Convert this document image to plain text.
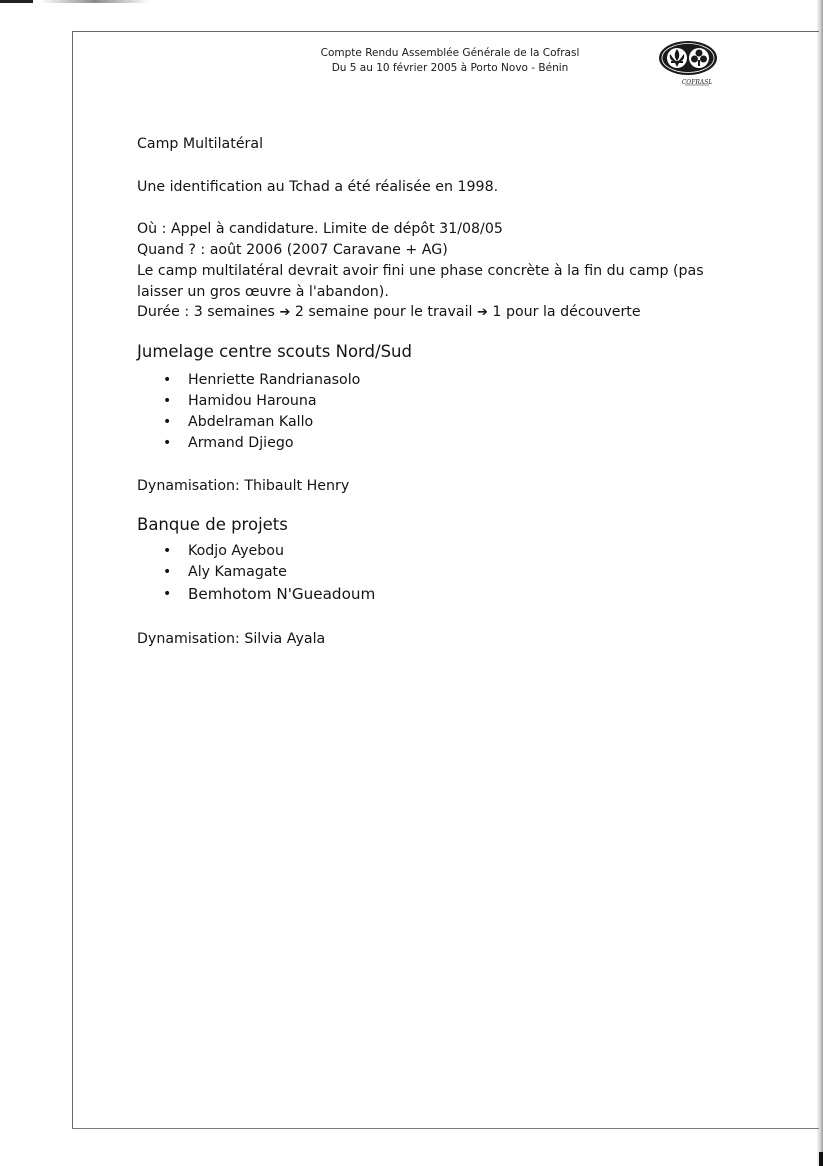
Compte Rendu Assemblée Générale de la Cofrasl
Du 5 au 10 février 2005 à Porto Novo - Bénin
COFRASL
Camp Multilatéral
Une identification au Tchad a été réalisée en 1998.
Où : Appel à candidature. Limite de dépôt 31/08/05
Quand ? : août 2006 (2007 Caravane + AG)
Le camp multilatéral devrait avoir fini une phase concrète à la fin du camp (pas
laisser un gros œuvre à l'abandon).
Durée : 3 semaines ➔ 2 semaine pour le travail ➔ 1 pour la découverte
Jumelage centre scouts Nord/Sud
• Henriette Randrianasolo
• Hamidou Harouna
• Abdelraman Kallo
• Armand Djiego
Dynamisation: Thibault Henry
Banque de projets
• Kodjo Ayebou
• Aly Kamagate
• Bemhotom N'Gueadoum
Dynamisation: Silvia Ayala
